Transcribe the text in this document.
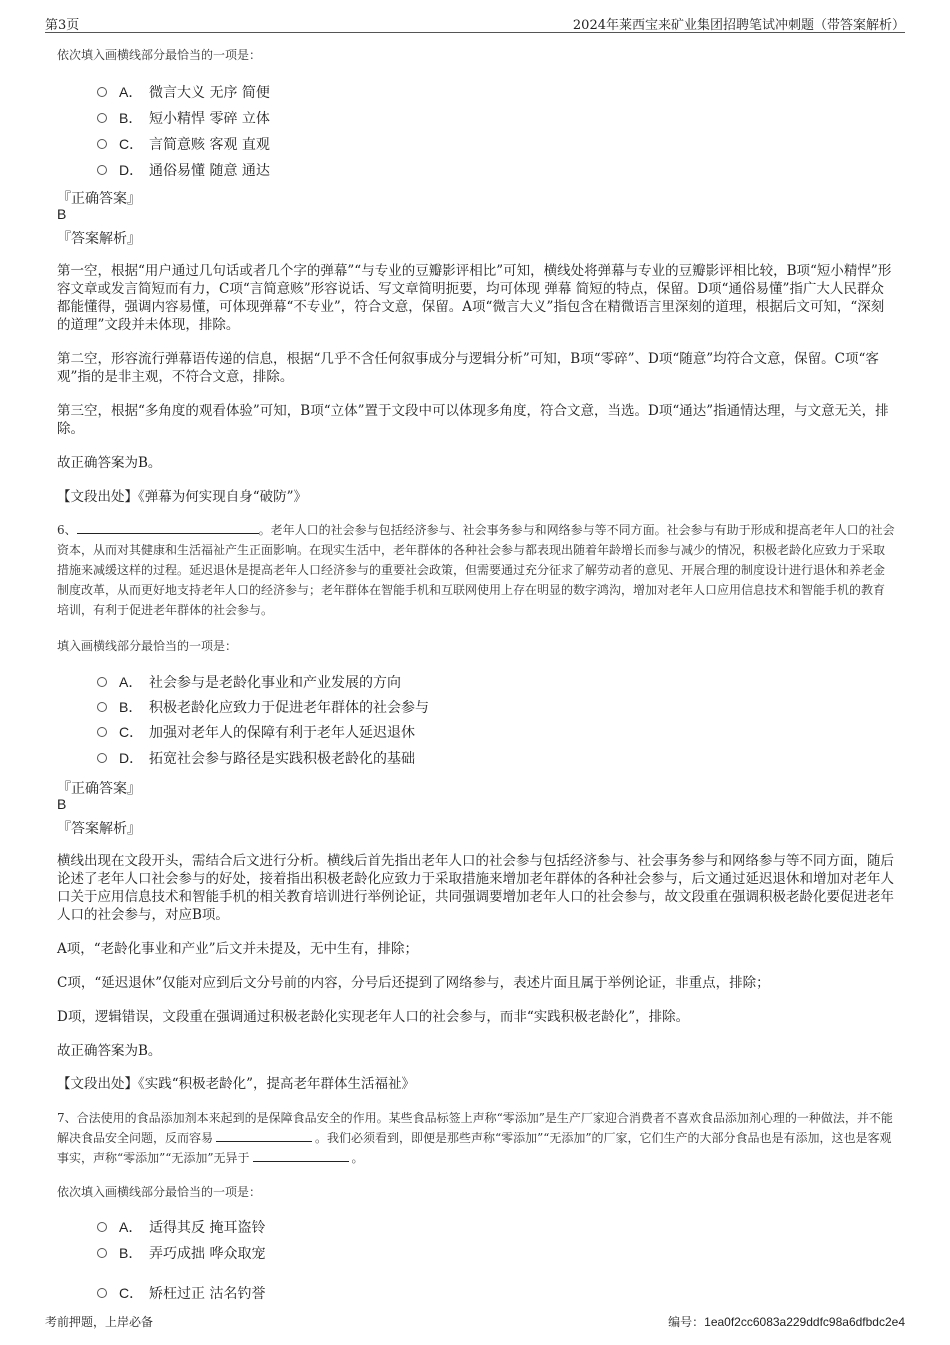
第3页	2024年莱西宝来矿业集团招聘笔试冲刺题（带答案解析）
依次填入画横线部分最恰当的一项是：
A． 微言大义 无序 简便
B． 短小精悍 零碎 立体
C． 言简意赅 客观 直观
D． 通俗易懂 随意 通达
『正确答案』
B
『答案解析』
第一空，根据“用户通过几句话或者几个字的弹幕”“与专业的豆瓣影评相比”可知，横线处将弹幕与专业的豆瓣影评相比较，B项“短小精悍”形容文章或发言简短而有力，C项“言简意赅”形容说话、写文章简明扼要，均可体现 弹幕 简短的特点，保留。D项“通俗易懂”指广大人民群众都能懂得，强调内容易懂，可体现弹幕“不专业”，符合文意，保留。A项“微言大义”指包含在精微语言里深刻的道理，根据后文可知，“深刻的道理”文段并未体现，排除。
第二空，形容流行弹幕语传递的信息，根据“几乎不含任何叙事成分与逻辑分析”可知，B项“零碎”、D项“随意”均符合文意，保留。C项“客观”指的是非主观，不符合文意，排除。
第三空，根据“多角度的观看体验”可知，B项“立体”置于文段中可以体现多角度，符合文意，当选。D项“通达”指通情达理，与文意无关，排除。
故正确答案为B。
【文段出处】《弹幕为何实现自身“破防”》
6、	。老年人口的社会参与包括经济参与、社会事务参与和网络参与等不同方面。社会参与有助于形成和提高老年人口的社会资本，从而对其健康和生活福祉产生正面影响。在现实生活中，老年群体的各种社会参与都表现出随着年龄增长而参与减少的情况，积极老龄化应致力于采取措施来减缓这样的过程。延迟退休是提高老年人口经济参与的重要社会政策，但需要通过充分征求了解劳动者的意见、开展合理的制度设计进行退休和养老金制度改革，从而更好地支持老年人口的经济参与；老年群体在智能手机和互联网使用上存在明显的数字鸿沟，增加对老年人口应用信息技术和智能手机的教育培训，有利于促进老年群体的社会参与。
填入画横线部分最恰当的一项是：
A． 社会参与是老龄化事业和产业发展的方向
B． 积极老龄化应致力于促进老年群体的社会参与
C． 加强对老年人的保障有利于老年人延迟退休
D． 拓宽社会参与路径是实践积极老龄化的基础
『正确答案』
B
『答案解析』
横线出现在文段开头，需结合后文进行分析。横线后首先指出老年人口的社会参与包括经济参与、社会事务参与和网络参与等不同方面，随后论述了老年人口社会参与的好处，接着指出积极老龄化应致力于采取措施来增加老年群体的各种社会参与，后文通过延迟退休和增加对老年人口关于应用信息技术和智能手机的相关教育培训进行举例论证，共同强调要增加老年人口的社会参与，故文段重在强调积极老龄化要促进老年人口的社会参与，对应B项。
A项，“老龄化事业和产业”后文并未提及，无中生有，排除；
C项，“延迟退休”仅能对应到后文分号前的内容，分号后还提到了网络参与，表述片面且属于举例论证，非重点，排除；
D项，逻辑错误，文段重在强调通过积极老龄化实现老年人口的社会参与，而非“实践积极老龄化”，排除。
故正确答案为B。
【文段出处】《实践“积极老龄化”，提高老年群体生活福祉》
7、合法使用的食品添加剂本来起到的是保障食品安全的作用。某些食品标签上声称“零添加”是生产厂家迎合消费者不喜欢食品添加剂心理的一种做法，并不能解决食品安全问题，反而容易	。我们必须看到，即便是那些声称“零添加”“无添加”的厂家，它们生产的大部分食品也是有添加，这也是客观事实，声称“零添加”“无添加”无异于	。
依次填入画横线部分最恰当的一项是：
A． 适得其反 掩耳盗铃
B． 弄巧成拙 哗众取宠
C． 矫枉过正 沽名钓誉
考前押题，上岸必备	编号：1ea0f2cc6083a229ddfc98a6dfbdc2e4
